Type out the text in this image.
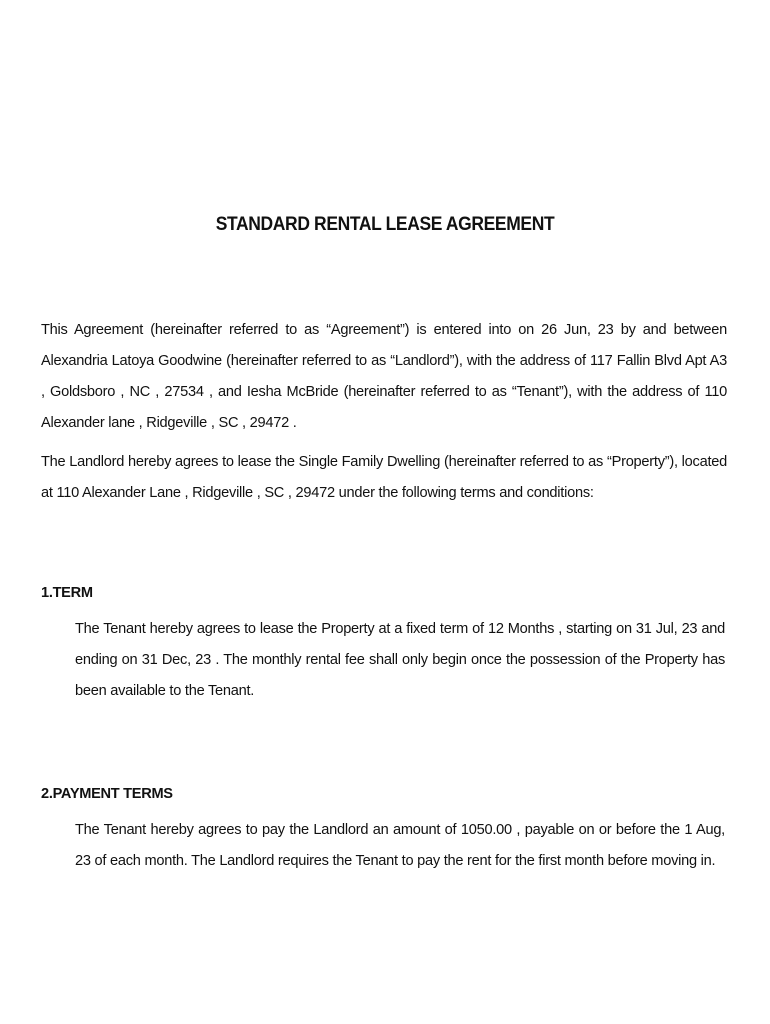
STANDARD RENTAL LEASE AGREEMENT
This Agreement (hereinafter referred to as “Agreement”) is entered into on 26 Jun, 23 by and between Alexandria Latoya Goodwine (hereinafter referred to as “Landlord”), with the address of 117 Fallin Blvd Apt A3 , Goldsboro , NC , 27534 , and Iesha McBride (hereinafter referred to as “Tenant”), with the address of 110 Alexander lane , Ridgeville , SC , 29472 .
The Landlord hereby agrees to lease the Single Family Dwelling (hereinafter referred to as “Property”), located at 110 Alexander Lane , Ridgeville , SC , 29472 under the following terms and conditions:
1.TERM
The Tenant hereby agrees to lease the Property at a fixed term of 12 Months , starting on 31 Jul, 23 and ending on 31 Dec, 23 . The monthly rental fee shall only begin once the possession of the Property has been available to the Tenant.
2.PAYMENT TERMS
The Tenant hereby agrees to pay the Landlord an amount of 1050.00 , payable on or before the 1 Aug, 23 of each month. The Landlord requires the Tenant to pay the rent for the first month before moving in.
